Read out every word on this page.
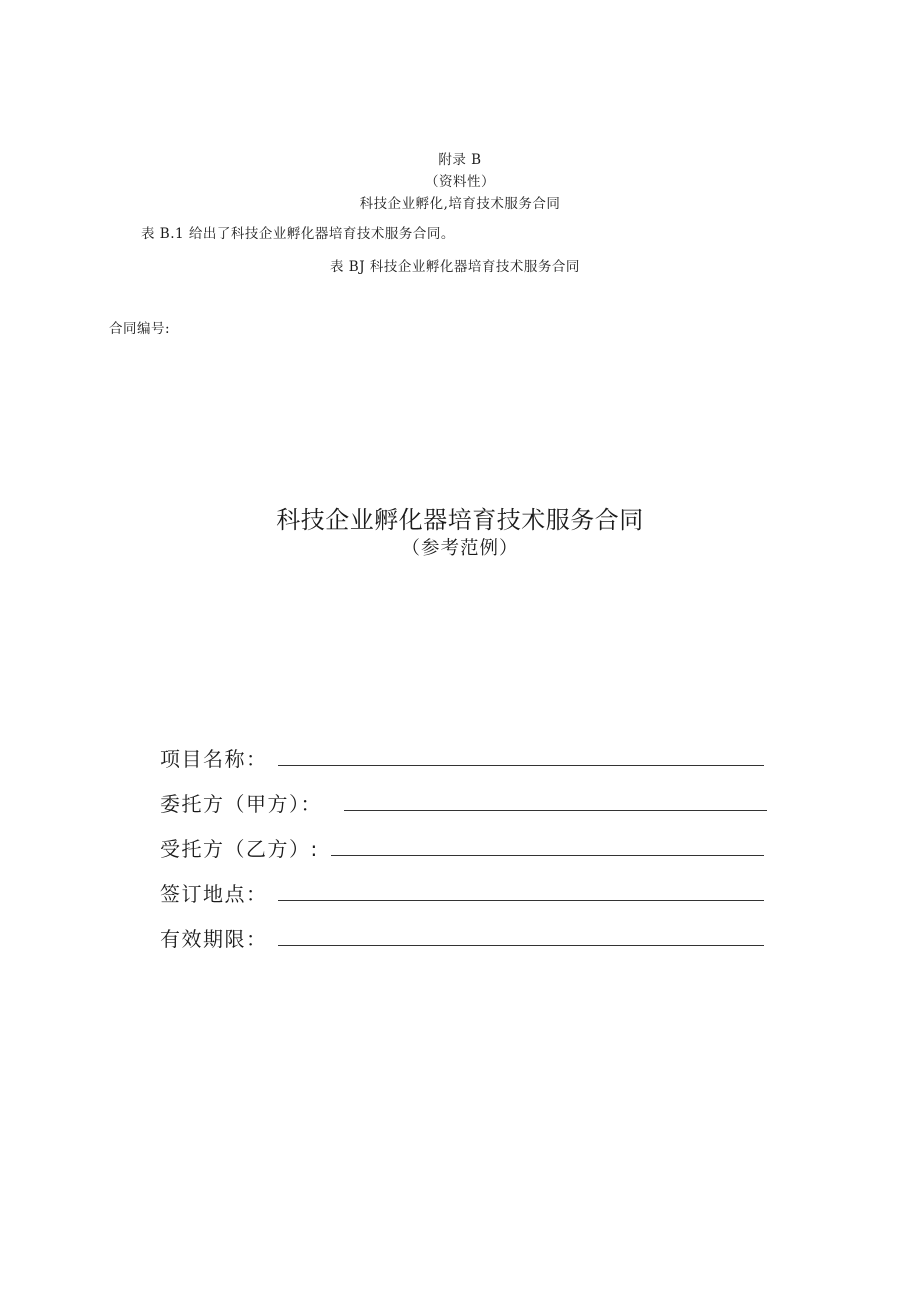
附录 B
（资料性）
科技企业孵化,培育技术服务合同
表 B.1 给出了科技企业孵化器培育技术服务合同。
表 BJ 科技企业孵化器培育技术服务合同
合同编号:
科技企业孵化器培育技术服务合同
（参考范例）
项目名称：
委托方（甲方）：
受托方（乙方）:
签订地点：
有效期限：
